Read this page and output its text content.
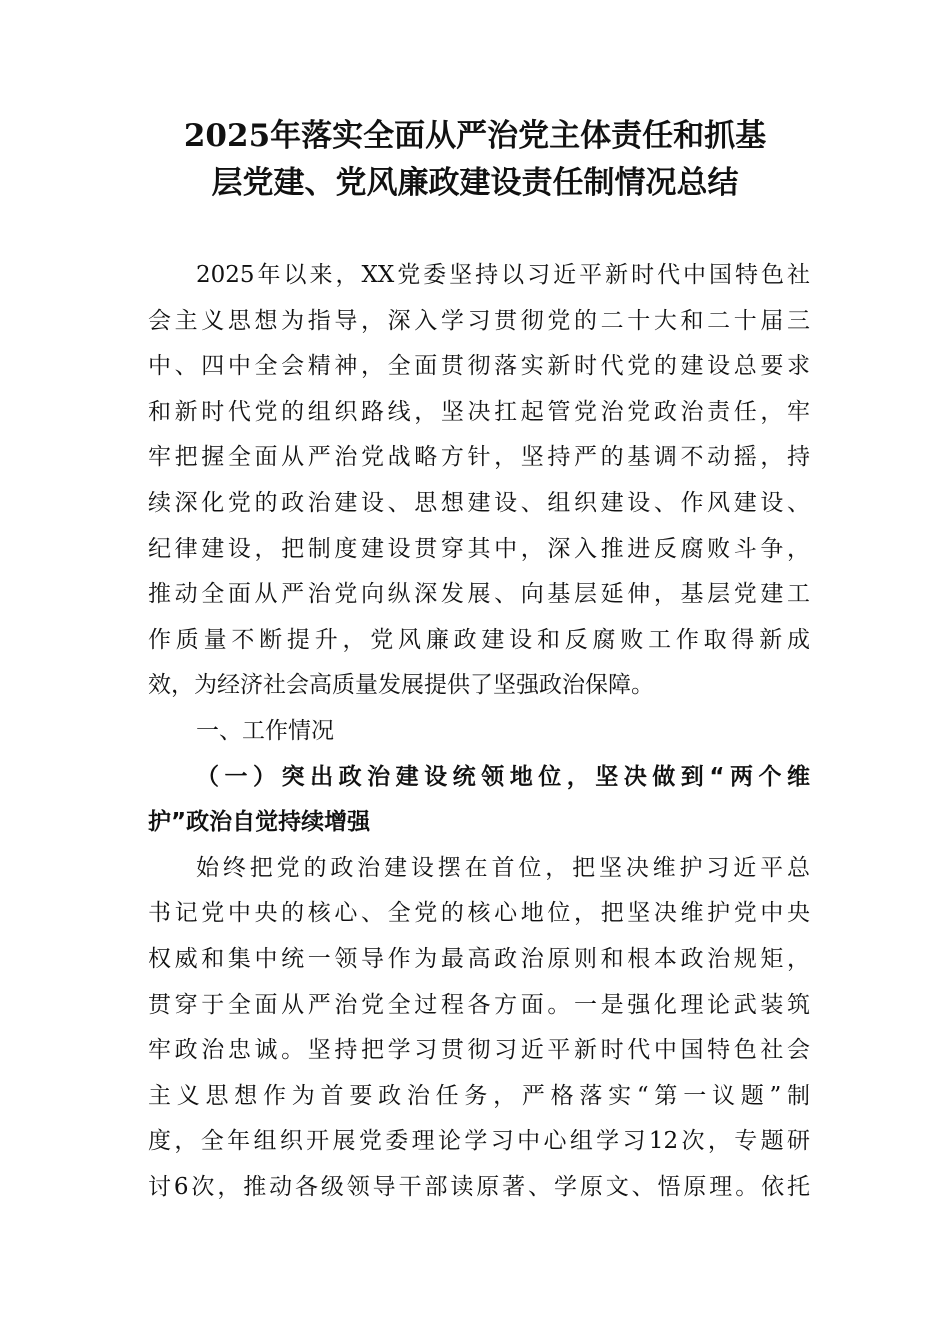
2025年落实全面从严治党主体责任和抓基
层党建、党风廉政建设责任制情况总结
2025年以来，XX党委坚持以习近平新时代中国特色社
会主义思想为指导，深入学习贯彻党的二十大和二十届三
中、四中全会精神，全面贯彻落实新时代党的建设总要求
和新时代党的组织路线，坚决扛起管党治党政治责任，牢
牢把握全面从严治党战略方针，坚持严的基调不动摇，持
续深化党的政治建设、思想建设、组织建设、作风建设、
纪律建设，把制度建设贯穿其中，深入推进反腐败斗争，
推动全面从严治党向纵深发展、向基层延伸，基层党建工
作质量不断提升，党风廉政建设和反腐败工作取得新成
效，为经济社会高质量发展提供了坚强政治保障。
一、工作情况
（一）突出政治建设统领地位，坚决做到“两个维
护”政治自觉持续增强
始终把党的政治建设摆在首位，把坚决维护习近平总
书记党中央的核心、全党的核心地位，把坚决维护党中央
权威和集中统一领导作为最高政治原则和根本政治规矩，
贯穿于全面从严治党全过程各方面。一是强化理论武装筑
牢政治忠诚。坚持把学习贯彻习近平新时代中国特色社会
主义思想作为首要政治任务，严格落实“第一议题”制
度，全年组织开展党委理论学习中心组学习12次，专题研
讨6次，推动各级领导干部读原著、学原文、悟原理。依托
